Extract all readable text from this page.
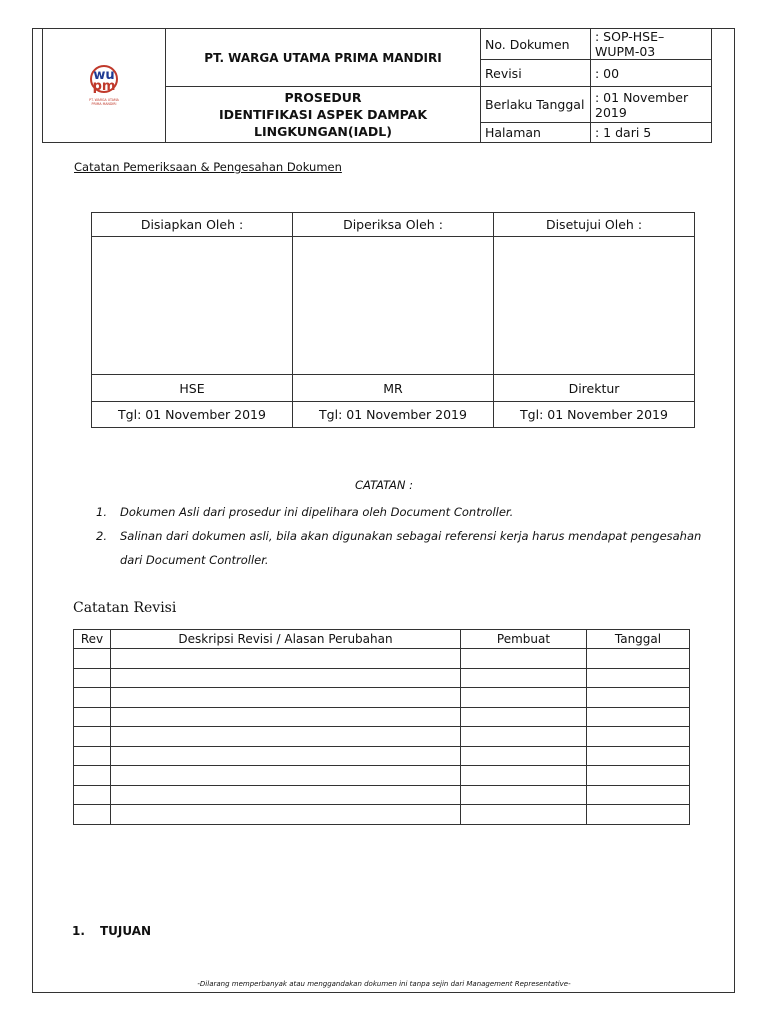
wu
pm
PT. WARGA UTAMA
PRIMA MANDIRI	PT. WARGA UTAMA PRIMA MANDIRI	No. Dokumen	: SOP-HSE–WUPM-03
		Revisi	: 00

	PROSEDUR
IDENTIFIKASI ASPEK DAMPAK
LINGKUNGAN(IADL)	Berlaku Tanggal	: 01 November 2019
		Halaman	: 1 dari 5
Catatan Pemeriksaan & Pengesahan Dokumen
Disiapkan Oleh :	Diperiksa Oleh :	Disetujui Oleh :

HSE	MR	Direktur
Tgl: 01 November 2019	Tgl: 01 November 2019	Tgl: 01 November 2019
CATATAN :
1.	Dokumen Asli dari prosedur ini dipelihara oleh Document Controller.
2.	Salinan dari dokumen asli, bila akan digunakan sebagai referensi kerja harus mendapat pengesahan dari Document Controller.
Catatan Revisi
Rev	Deskripsi Revisi / Alasan Perubahan	Pembuat	Tanggal

1. TUJUAN
-Dilarang memperbanyak atau menggandakan dokumen ini tanpa sejin dari Management Representative-
